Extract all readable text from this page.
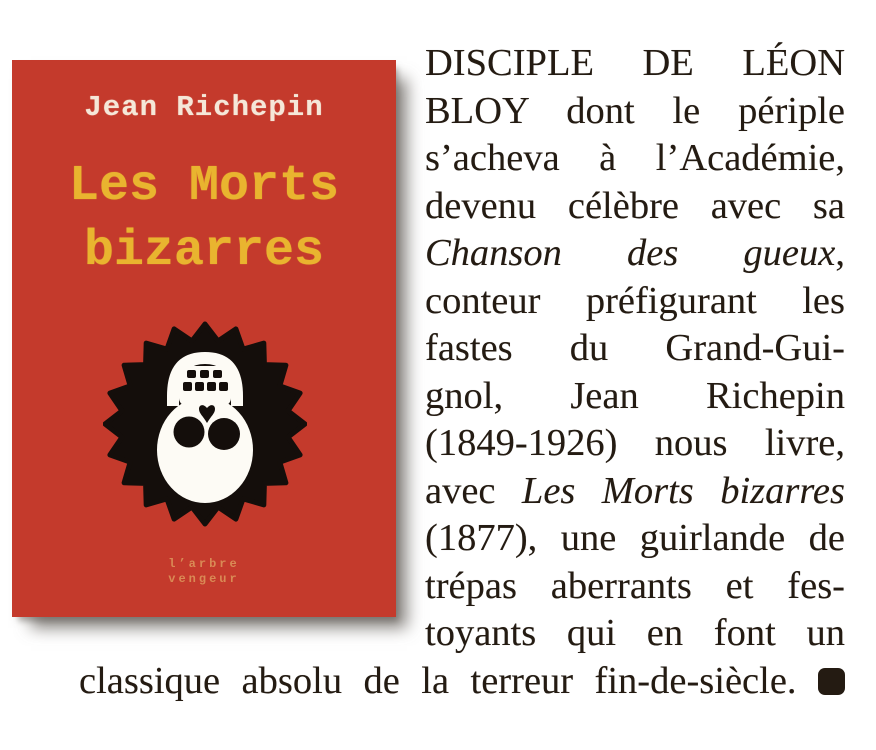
Jean Richepin
Les Morts
bizarres
l’arbre
vengeur
DISCIPLE DE LÉON
BLOY dont le périple
s’acheva à l’Académie,
devenu célèbre avec sa
Chanson des gueux,
conteur préfigurant les
fastes du Grand-Gui-
gnol, Jean Richepin
(1849-1926) nous livre,
avec Les Morts bizarres
(1877), une guirlande de
trépas aberrants et fes-
toyants qui en font un
classique absolu de la terreur fin-de-siècle.
